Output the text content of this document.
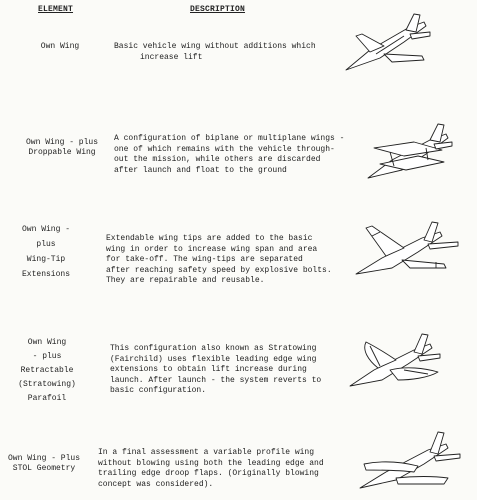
ELEMENT	DESCRIPTION
Own Wing	Basic vehicle wing without additions which
increase lift
Own Wing - plus
Droppable Wing
A configuration of biplane or multiplane wings -
one of which remains with the vehicle through-
out the mission, while others are discarded
after launch and float to the ground
Own Wing -
plus
Wing-Tip
Extensions
Extendable wing tips are added to the basic
wing in order to increase wing span and area
for take-off. The wing-tips are separated
after reaching safety speed by explosive bolts.
They are repairable and reusable.
Own Wing
- plus
Retractable
(Stratowing)
Parafoil
This configuration also known as Stratowing
(Fairchild) uses flexible leading edge wing
extensions to obtain lift increase during
launch. After launch - the system reverts to
basic configuration.
Own Wing - Plus
STOL Geometry
In a final assessment a variable profile wing
without blowing using both the leading edge and
trailing edge droop flaps. (Originally blowing
concept was considered).
